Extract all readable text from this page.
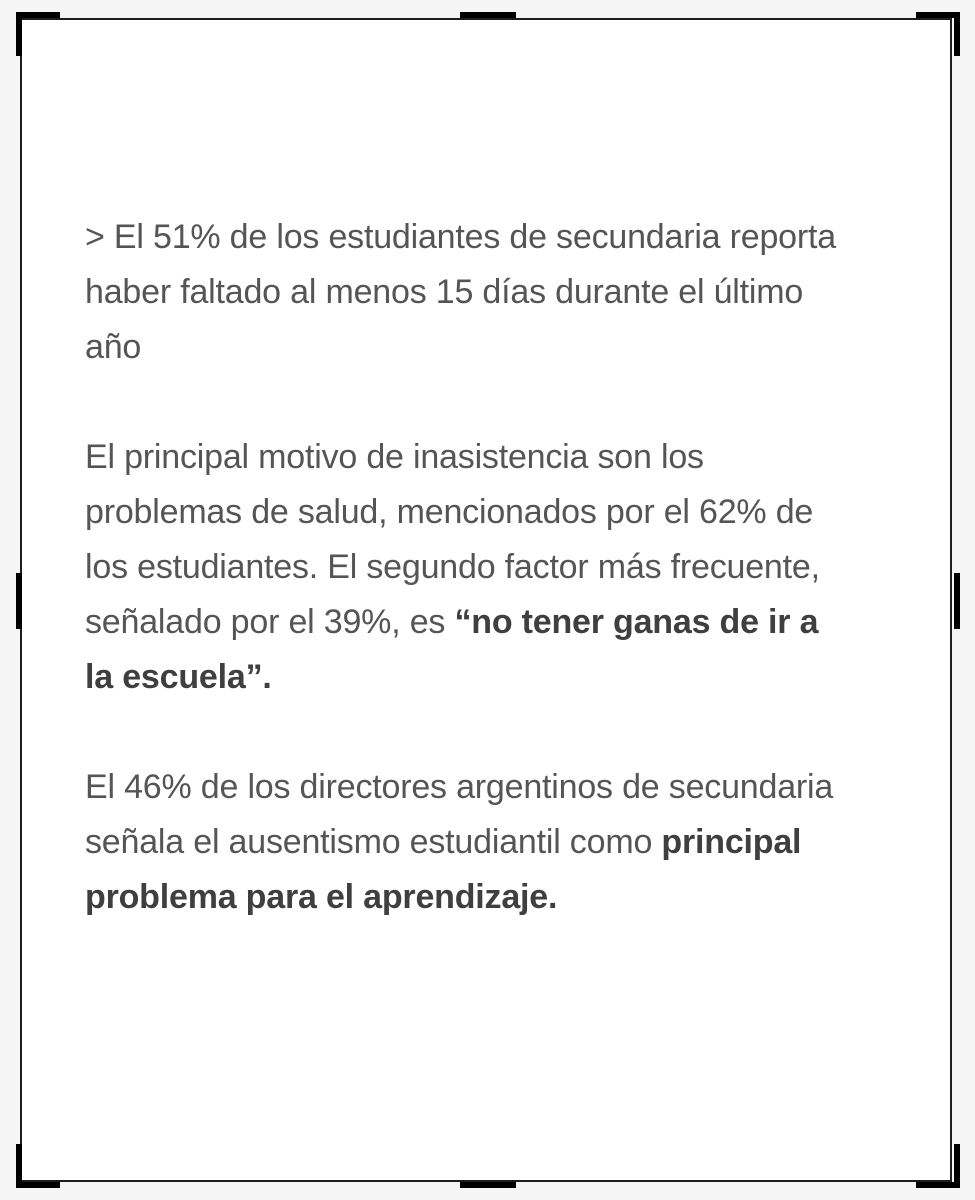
> El 51% de los estudiantes de secundaria reporta haber faltado al menos 15 días durante el último año

El principal motivo de inasistencia son los problemas de salud, mencionados por el 62% de los estudiantes. El segundo factor más frecuente, señalado por el 39%, es “no tener ganas de ir a la escuela”.

El 46% de los directores argentinos de secundaria señala el ausentismo estudiantil como principal problema para el aprendizaje.
